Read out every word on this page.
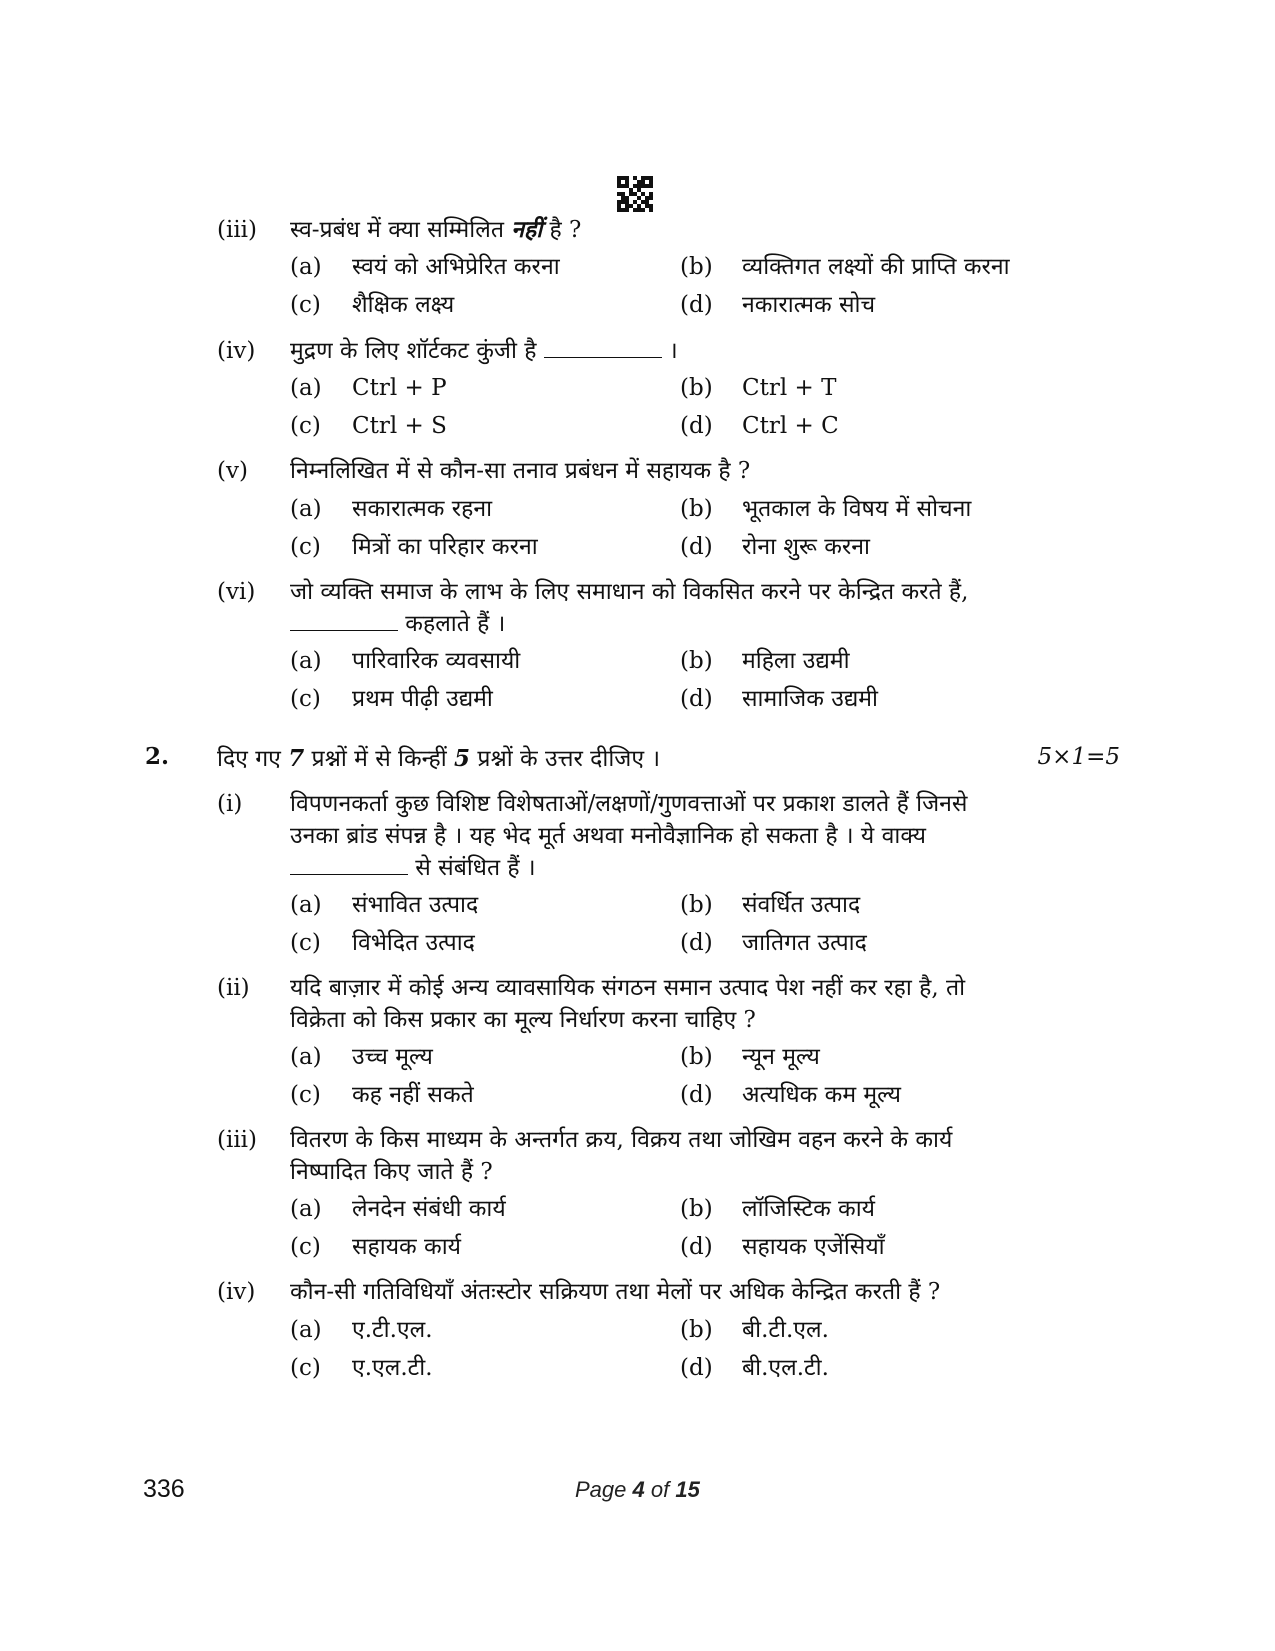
(iii)	स्व-प्रबंध में क्या सम्मिलित नहीं है ?
(a) स्वयं को अभिप्रेरित करना	(b) व्यक्तिगत लक्ष्यों की प्राप्ति करना
(c) शैक्षिक लक्ष्य	(d) नकारात्मक सोच
(iv)	मुद्रण के लिए शॉर्टकट कुंजी है	।
(a) Ctrl + P	(b) Ctrl + T
(c) Ctrl + S	(d) Ctrl + C
(v)	निम्नलिखित में से कौन-सा तनाव प्रबंधन में सहायक है ?
(a) सकारात्मक रहना	(b) भूतकाल के विषय में सोचना
(c) मित्रों का परिहार करना	(d) रोना शुरू करना
(vi)	जो व्यक्ति समाज के लाभ के लिए समाधान को विकसित करने पर केन्द्रित करते हैं,
कहलाते हैं ।
(a) पारिवारिक व्यवसायी	(b) महिला उद्यमी
(c) प्रथम पीढ़ी उद्यमी	(d) सामाजिक उद्यमी
2. दिए गए 7 प्रश्नों में से किन्हीं 5 प्रश्नों के उत्तर दीजिए ।	5×1=5
(i)	विपणनकर्ता कुछ विशिष्ट विशेषताओं/लक्षणों/गुणवत्ताओं पर प्रकाश डालते हैं जिनसे
उनका ब्रांड संपन्न है । यह भेद मूर्त अथवा मनोवैज्ञानिक हो सकता है । ये वाक्य
से संबंधित हैं ।
(a) संभावित उत्पाद	(b) संवर्धित उत्पाद
(c) विभेदित उत्पाद	(d) जातिगत उत्पाद
(ii)	यदि बाज़ार में कोई अन्य व्यावसायिक संगठन समान उत्पाद पेश नहीं कर रहा है, तो
विक्रेता को किस प्रकार का मूल्य निर्धारण करना चाहिए ?
(a) उच्च मूल्य	(b) न्यून मूल्य
(c) कह नहीं सकते	(d) अत्यधिक कम मूल्य
(iii)	वितरण के किस माध्यम के अन्तर्गत क्रय, विक्रय तथा जोखिम वहन करने के कार्य
निष्पादित किए जाते हैं ?
(a) लेनदेन संबंधी कार्य	(b) लॉजिस्टिक कार्य
(c) सहायक कार्य	(d) सहायक एजेंसियाँ
(iv)	कौन-सी गतिविधियाँ अंतःस्टोर सक्रियण तथा मेलों पर अधिक केन्द्रित करती हैं ?
(a) ए.टी.एल.	(b) बी.टी.एल.
(c) ए.एल.टी.	(d) बी.एल.टी.
336	Page 4 of 15
